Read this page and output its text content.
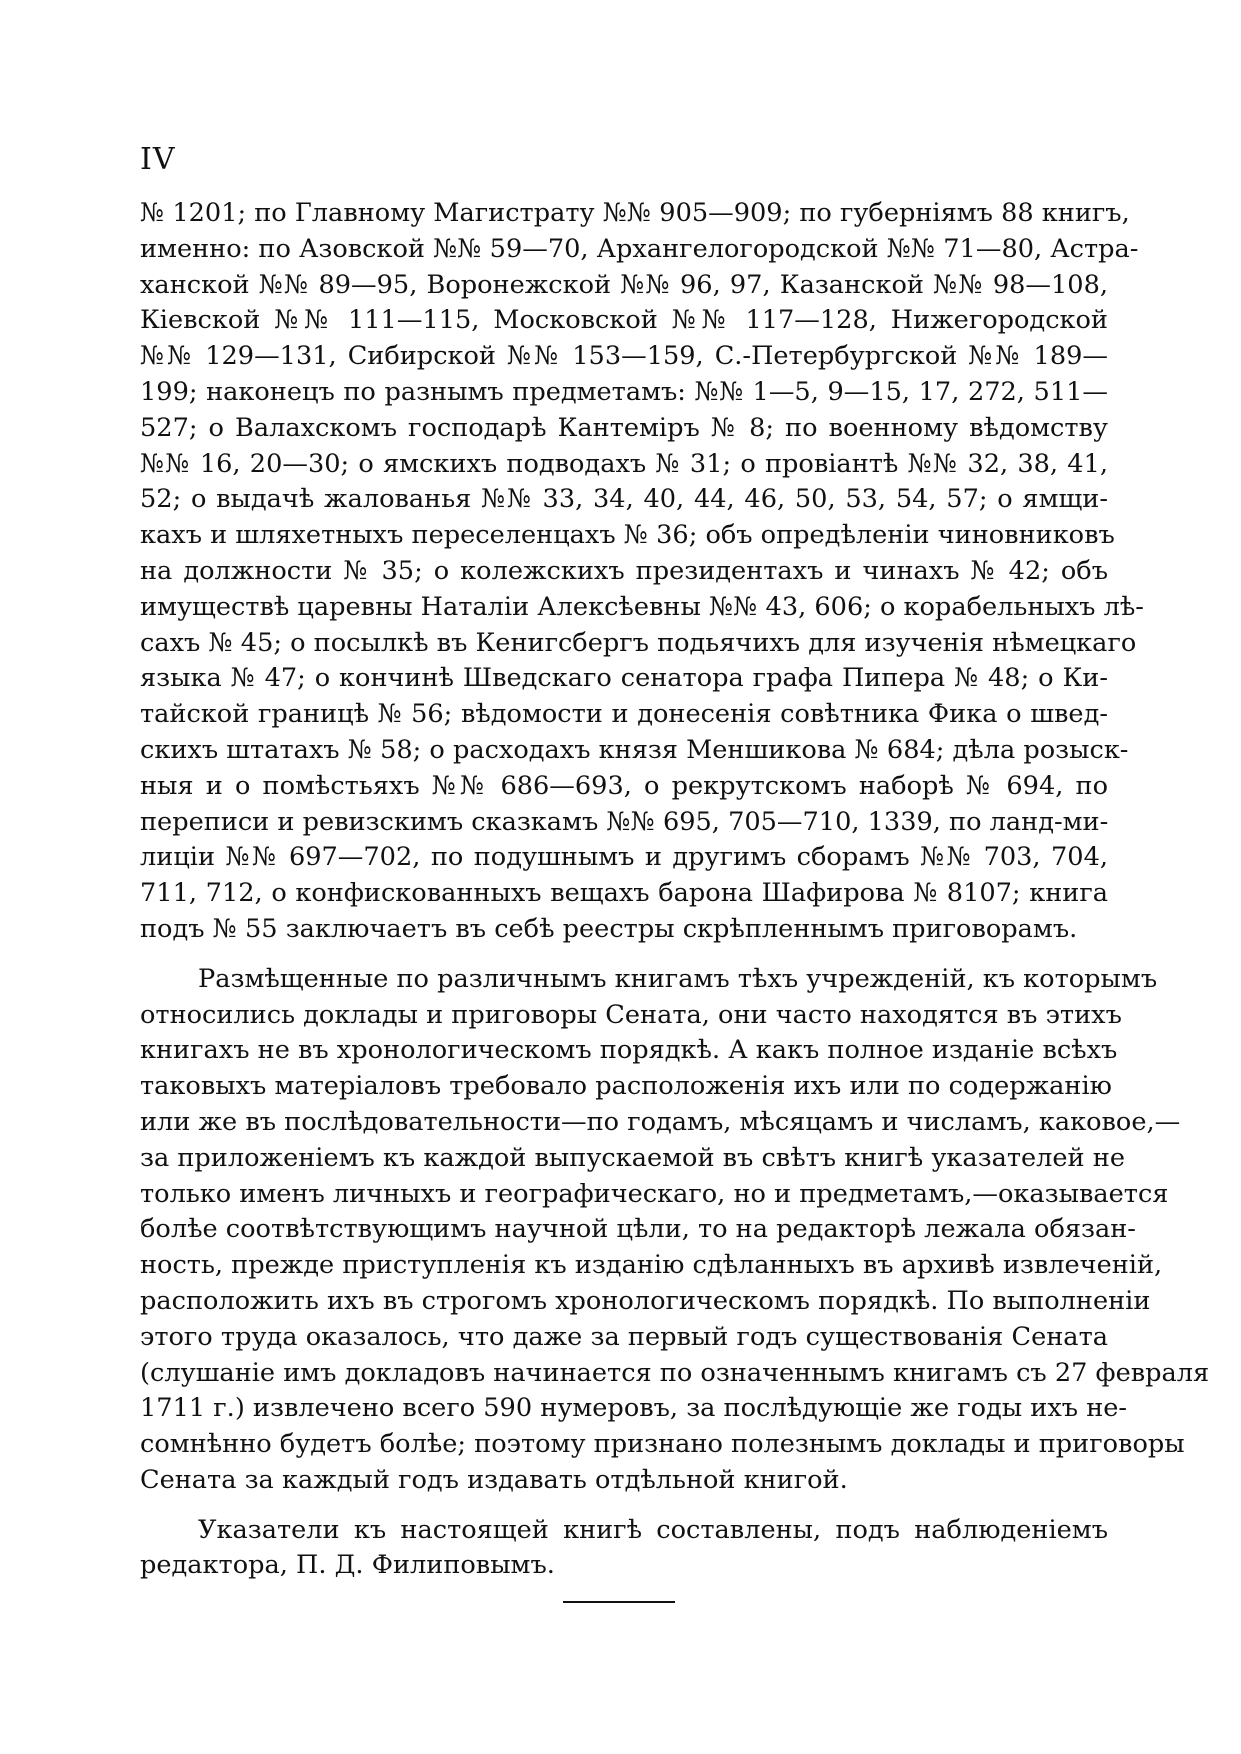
IV
№ 1201; по Главному Магистрату №№ 905—909; по губерніямъ 88 книгъ,
именно: по Азовской №№ 59—70, Архангелогородской №№ 71—80, Астра-
ханской №№ 89—95, Воронежской №№ 96, 97, Казанской №№ 98—108,
Кіевской №№ 111—115, Московской №№ 117—128, Нижегородской
№№ 129—131, Сибирской №№ 153—159, С.-Петербургской №№ 189—
199; наконецъ по разнымъ предметамъ: №№ 1—5, 9—15, 17, 272, 511—
527; о Валахскомъ господарѣ Кантеміръ № 8; по военному вѣдомству
№№ 16, 20—30; о ямскихъ подводахъ № 31; о провіантѣ №№ 32, 38, 41,
52; о выдачѣ жалованья №№ 33, 34, 40, 44, 46, 50, 53, 54, 57; о ямщи-
кахъ и шляхетныхъ переселенцахъ № 36; объ опредѣленіи чиновниковъ
на должности № 35; о колежскихъ президентахъ и чинахъ № 42; объ
имуществѣ царевны Наталіи Алексѣевны №№ 43, 606; о корабельныхъ лѣ-
сахъ № 45; о посылкѣ въ Кенигсбергъ подьячихъ для изученія нѣмецкаго
языка № 47; о кончинѣ Шведскаго сенатора графа Пипера № 48; о Ки-
тайской границѣ № 56; вѣдомости и донесенія совѣтника Фика о швед-
скихъ штатахъ № 58; о расходахъ князя Меншикова № 684; дѣла розыск-
ныя и о помѣстьяхъ №№ 686—693, о рекрутскомъ наборѣ № 694, по
переписи и ревизскимъ сказкамъ №№ 695, 705—710, 1339, по ланд-ми-
лиціи №№ 697—702, по подушнымъ и другимъ сборамъ №№ 703, 704,
711, 712, о конфискованныхъ вещахъ барона Шафирова № 8107; книга
подъ № 55 заключаетъ въ себѣ реестры скрѣпленнымъ приговорамъ.
Размѣщенные по различнымъ книгамъ тѣхъ учрежденій, къ которымъ
относились доклады и приговоры Сената, они часто находятся въ этихъ
книгахъ не въ хронологическомъ порядкѣ. А какъ полное изданіе всѣхъ
таковыхъ матеріаловъ требовало расположенія ихъ или по содержанію
или же въ послѣдовательности—по годамъ, мѣсяцамъ и числамъ, каковое,—
за приложеніемъ къ каждой выпускаемой въ свѣтъ книгѣ указателей не
только именъ личныхъ и географическаго, но и предметамъ,—оказывается
болѣе соотвѣтствующимъ научной цѣли, то на редакторѣ лежала обязан-
ность, прежде приступленія къ изданію сдѣланныхъ въ архивѣ извлеченій,
расположить ихъ въ строгомъ хронологическомъ порядкѣ. По выполненіи
этого труда оказалось, что даже за первый годъ существованія Сената
(слушаніе имъ докладовъ начинается по означеннымъ книгамъ съ 27 февраля
1711 г.) извлечено всего 590 нумеровъ, за послѣдующіе же годы ихъ не-
сомнѣнно будетъ болѣе; поэтому признано полезнымъ доклады и приговоры
Сената за каждый годъ издавать отдѣльной книгой.
Указатели къ настоящей книгѣ составлены, подъ наблюденіемъ
редактора, П. Д. Филиповымъ.
